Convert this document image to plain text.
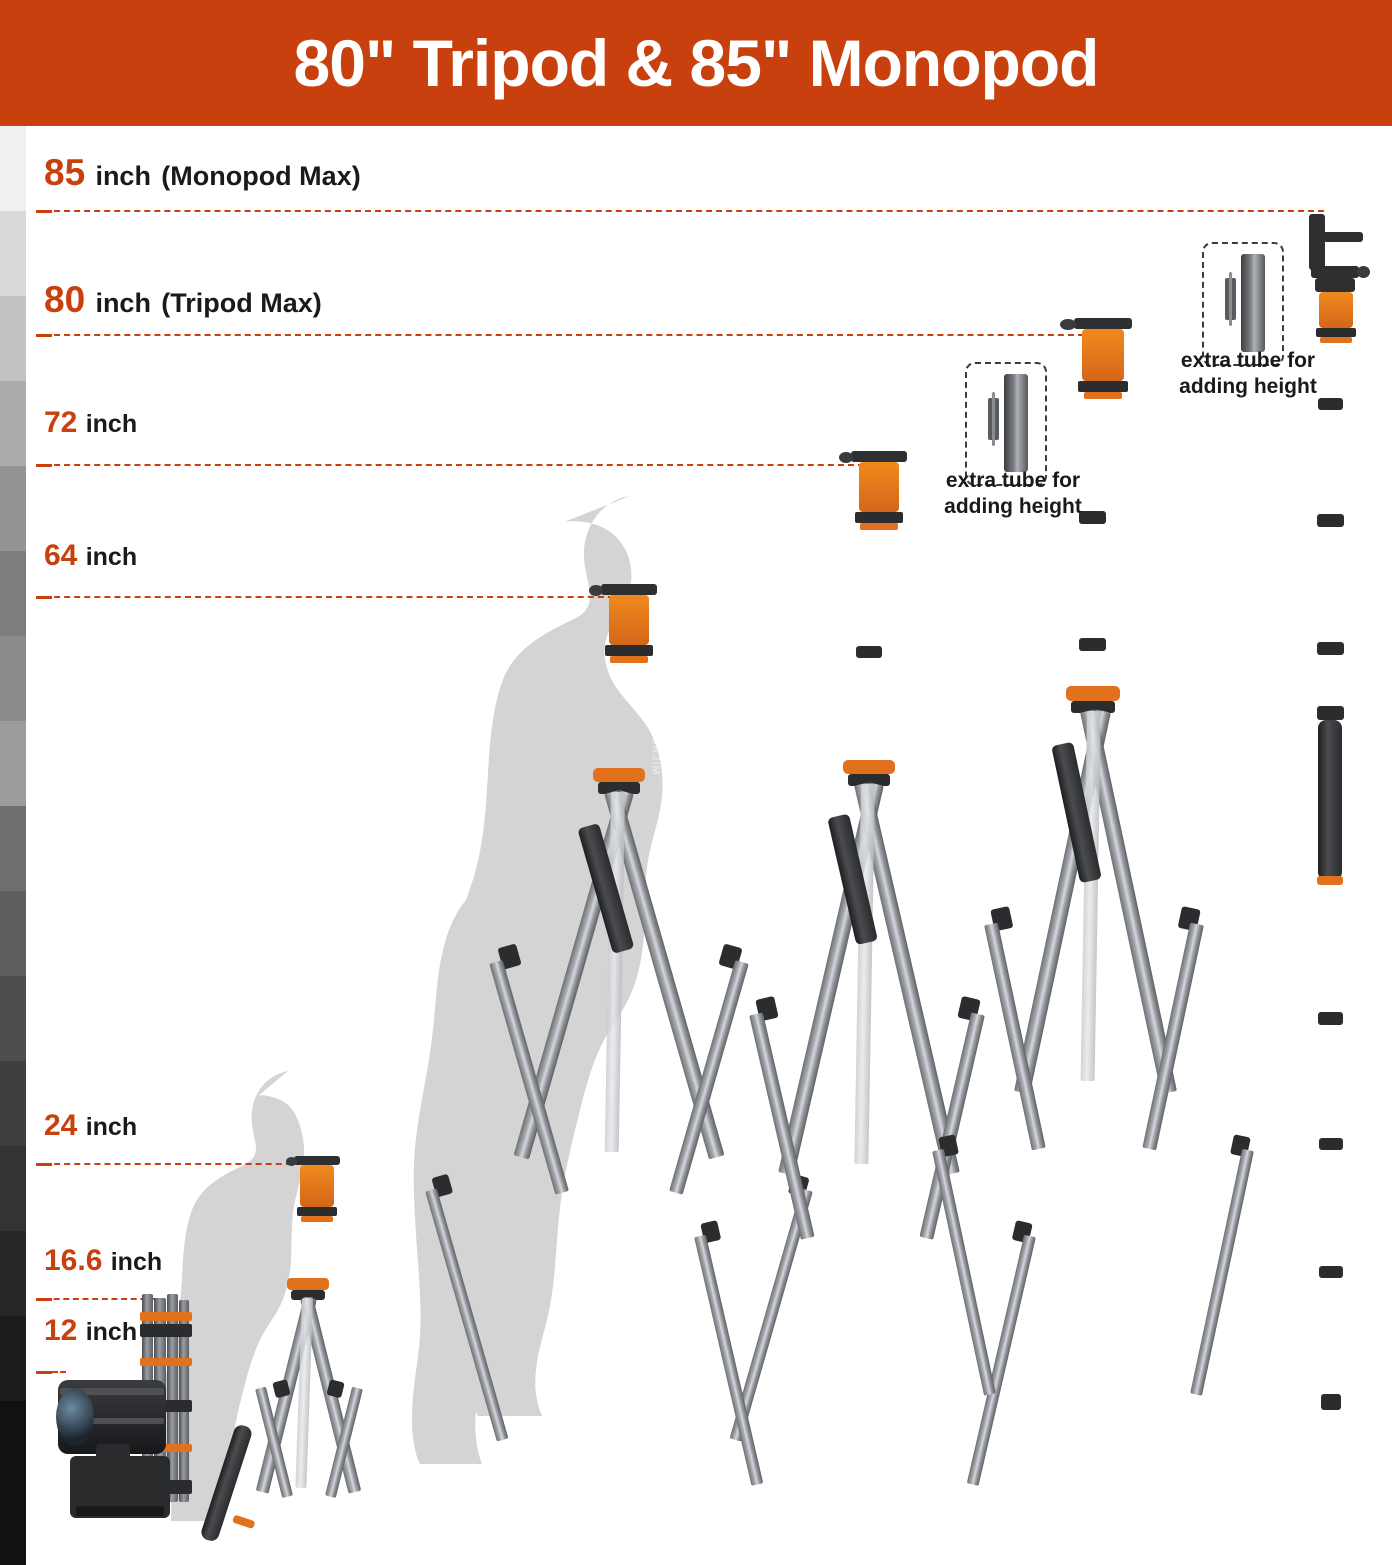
80" Tripod & 85" Monopod
85 inch (Monopod Max)
80 inch (Tripod Max)
72 inch
64 inch
24 inch
16.6 inch
12 inch
TORJIM	TORJIM
TORJIM
extra tube for adding height
extra tube for adding height
